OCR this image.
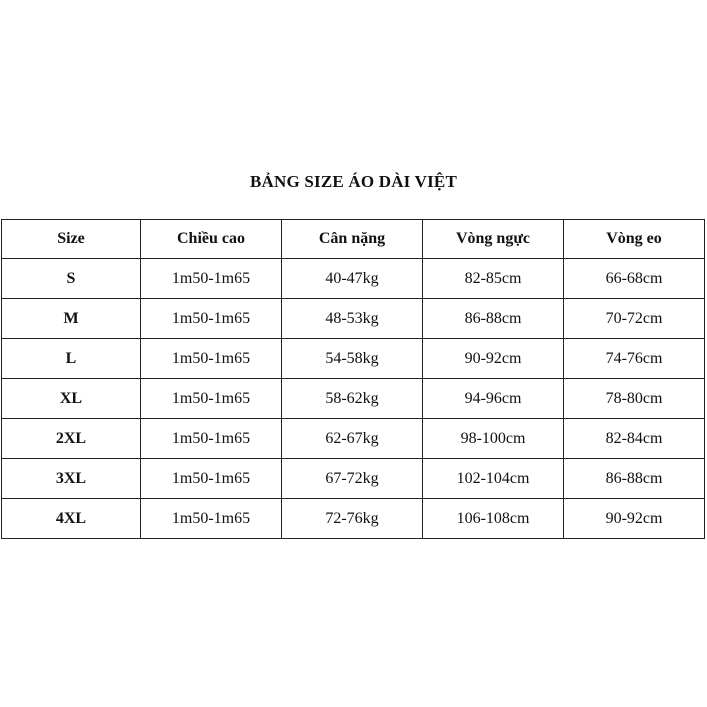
BẢNG SIZE ÁO DÀI VIỆT
Size	Chiều cao	Cân nặng	Vòng ngực	Vòng eo
S	1m50-1m65	40-47kg	82-85cm	66-68cm
M	1m50-1m65	48-53kg	86-88cm	70-72cm
L	1m50-1m65	54-58kg	90-92cm	74-76cm
XL	1m50-1m65	58-62kg	94-96cm	78-80cm
2XL	1m50-1m65	62-67kg	98-100cm	82-84cm
3XL	1m50-1m65	67-72kg	102-104cm	86-88cm
4XL	1m50-1m65	72-76kg	106-108cm	90-92cm
